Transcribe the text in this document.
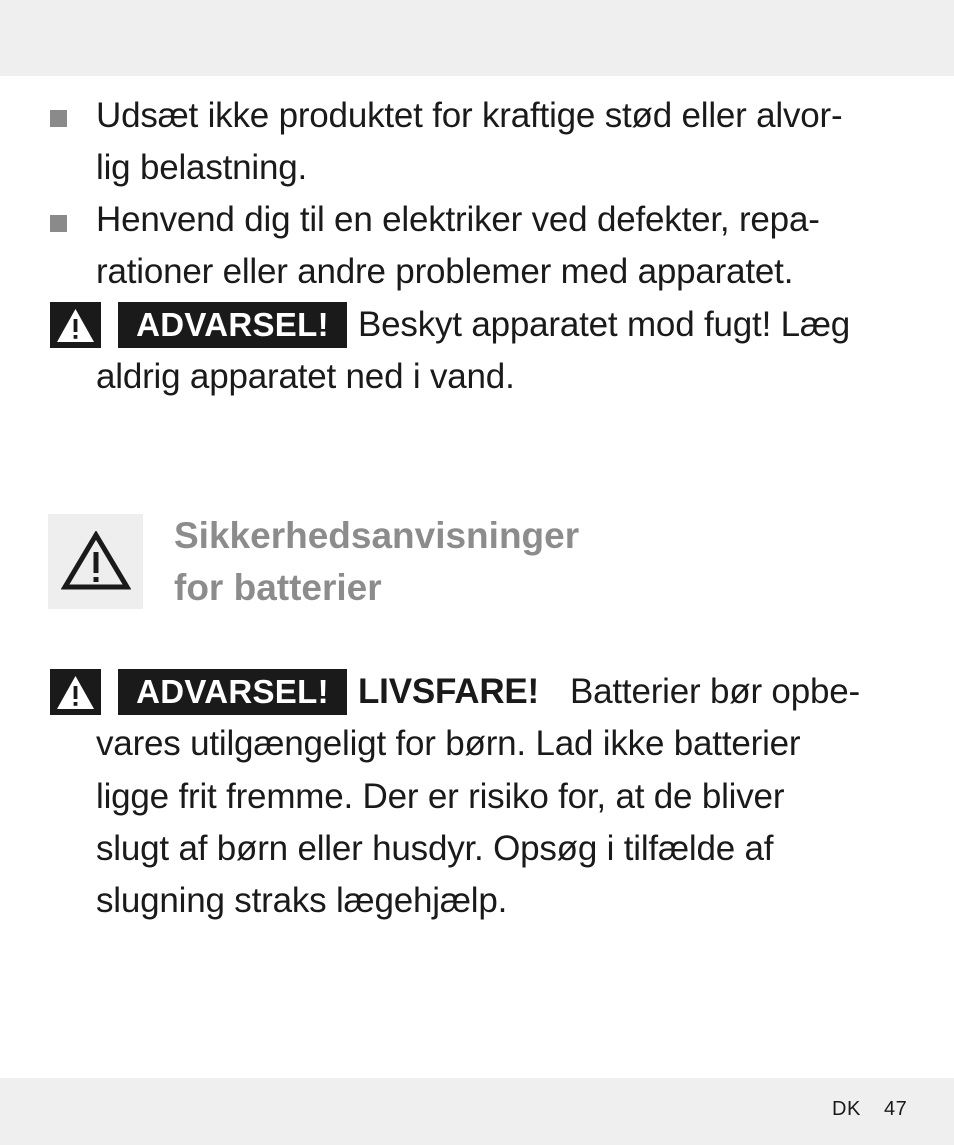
Udsæt ikke produktet for kraftige stød eller alvor-
lig belastning.
Henvend dig til en elektriker ved defekter, repa-
rationer eller andre problemer med apparatet.
ADVARSEL! Beskyt apparatet mod fugt! Læg
aldrig apparatet ned i vand.
Sikkerhedsanvisninger
for batterier
ADVARSEL! LIVSFARE! Batterier bør opbe-
vares utilgængeligt for børn. Lad ikke batterier
ligge frit fremme. Der er risiko for, at de bliver
slugt af børn eller husdyr. Opsøg i tilfælde af
slugning straks lægehjælp.
DK 47
